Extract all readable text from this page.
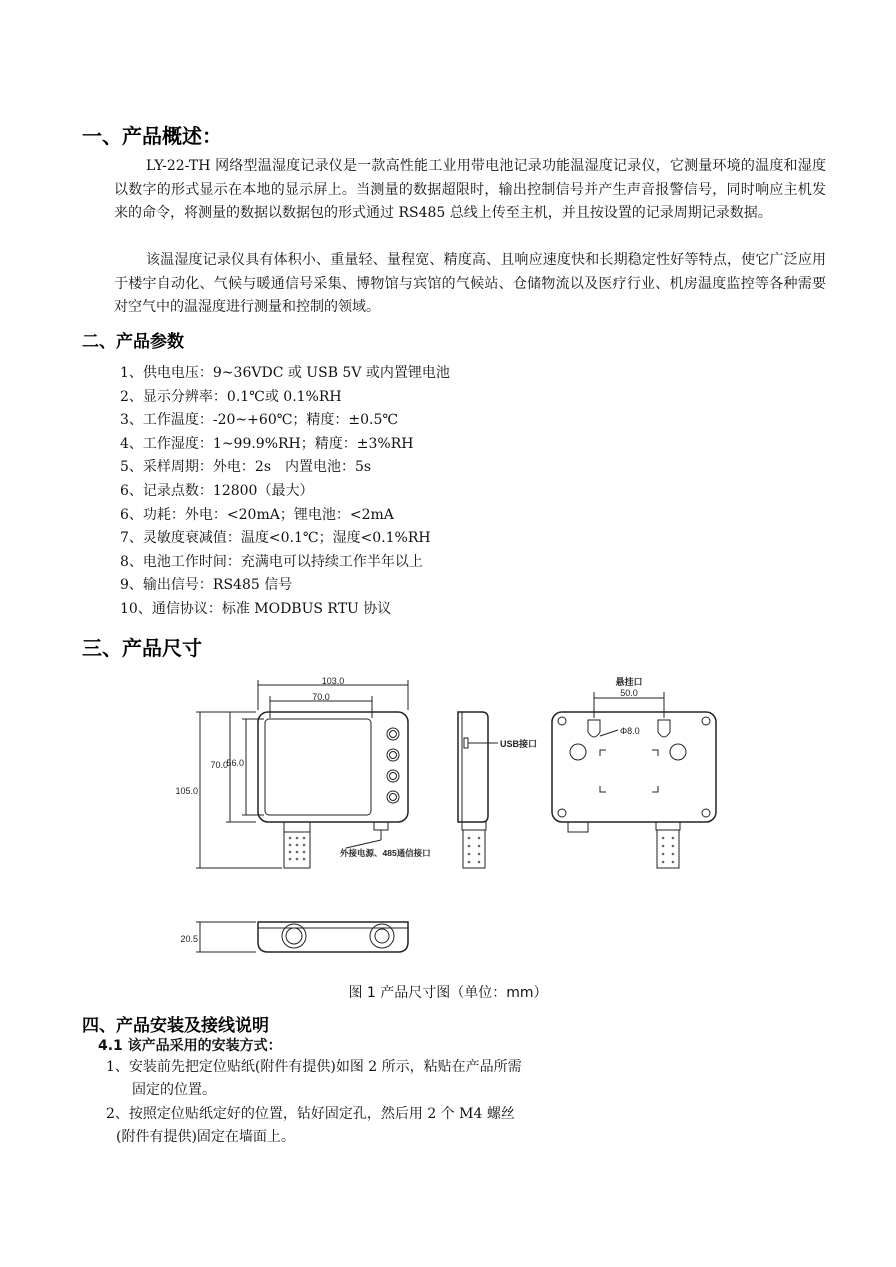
一、产品概述：

LY-22-TH 网络型温湿度记录仪是一款高性能工业用带电池记录功能温湿度记录仪，它测量环境的温度和湿度以数字的形式显示在本地的显示屏上。当测量的数据超限时，输出控制信号并产生声音报警信号，同时响应主机发来的命令，将测量的数据以数据包的形式通过 RS485 总线上传至主机，并且按设置的记录周期记录数据。

该温湿度记录仪具有体积小、重量轻、量程宽、精度高、且响应速度快和长期稳定性好等特点，使它广泛应用于楼宇自动化、气候与暖通信号采集、博物馆与宾馆的气候站、仓储物流以及医疗行业、机房温度监控等各种需要对空气中的温湿度进行测量和控制的领域。

二、产品参数
1、供电电压：9~36VDC 或 USB 5V 或内置锂电池
2、显示分辨率：0.1℃或 0.1%RH
3、工作温度：-20~+60℃；精度：±0.5℃
4、工作湿度：1~99.9%RH；精度：±3%RH
5、采样周期：外电：2s　内置电池：5s
6、记录点数：12800（最大）
6、功耗：外电：<20mA；锂电池：<2mA
7、灵敏度衰减值：温度<0.1℃；湿度<0.1%RH
8、电池工作时间：充满电可以持续工作半年以上
9、输出信号：RS485 信号
10、通信协议：标准 MODBUS RTU 协议
三、产品尺寸
103.0
70.0
105.0
70.0
56.0
20.5
50.0
Φ8.0
USB接口
悬挂口
外接电源、485通信接口
图 1 产品尺寸图（单位：mm）
四、产品安装及接线说明

4.1 该产品采用的安装方式：

1、安装前先把定位贴纸(附件有提供)如图 2 所示，粘贴在产品所需

固定的位置。

2、按照定位贴纸定好的位置，钻好固定孔，然后用 2 个 M4 螺丝

(附件有提供)固定在墙面上。
